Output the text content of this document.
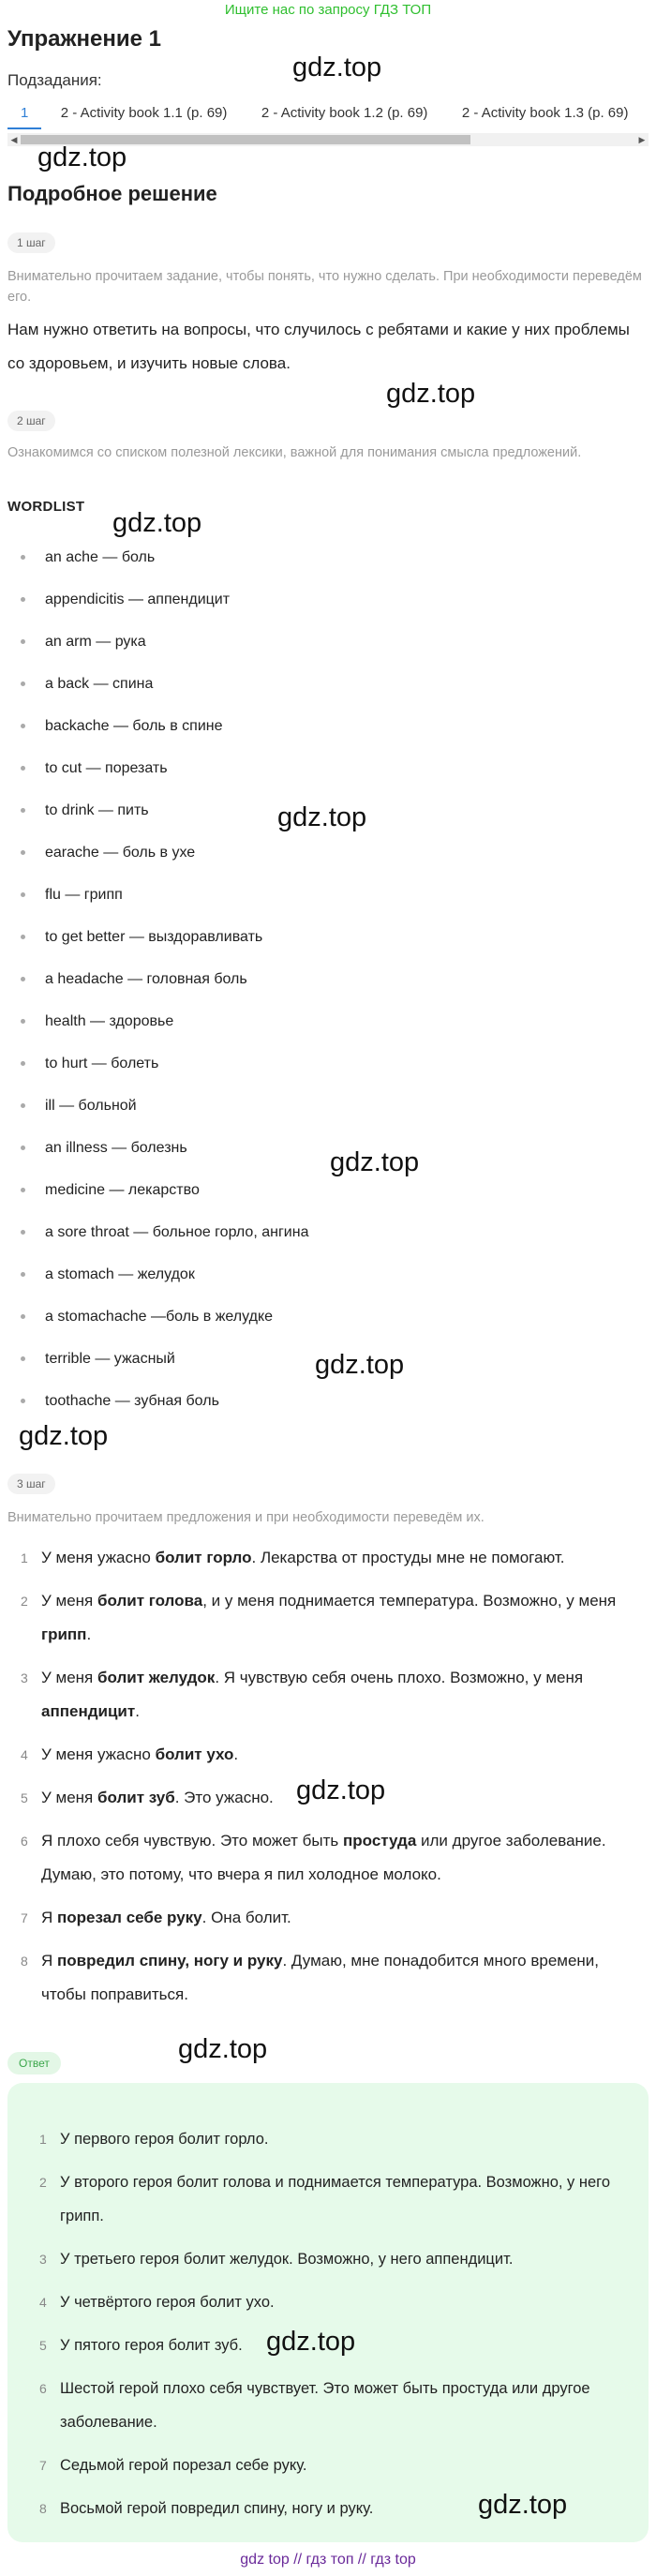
Ищите нас по запросу ГДЗ ТОП
Упражнение 1
Подзадания:
1 2 - Activity book 1.1 (p. 69) 2 - Activity book 1.2 (p. 69) 2 - Activity book 1.3 (p. 69)
◀	▶
Подробное решение
1 шаг
Внимательно прочитаем задание, чтобы понять, что нужно сделать. При необходимости переведём его.
Нам нужно ответить на вопросы, что случилось с ребятами и какие у них проблемы со здоровьем, и изучить новые слова.
2 шаг
Ознакомимся со списком полезной лексики, важной для понимания смысла предложений.
WORDLIST
an ache — боль
appendicitis — аппендицит
an arm — рука
a back — спина
backache — боль в спине
to cut — порезать
to drink — пить
earache — боль в ухе
flu — грипп
to get better — выздоравливать
a headache — головная боль
health — здоровье
to hurt — болеть
ill — больной
an illness — болезнь
medicine — лекарство
a sore throat — больное горло, ангина
a stomach — желудок
a stomachache —боль в желудке
terrible — ужасный
toothache — зубная боль
3 шаг
Внимательно прочитаем предложения и при необходимости переведём их.
1 У меня ужасно болит горло. Лекарства от простуды мне не помогают.
2 У меня болит голова, и у меня поднимается температура. Возможно, у меня грипп.
3 У меня болит желудок. Я чувствую себя очень плохо. Возможно, у меня аппендицит.
4 У меня ужасно болит ухо.
5 У меня болит зуб. Это ужасно.
6 Я плохо себя чувствую. Это может быть простуда или другое заболевание. Думаю, это потому, что вчера я пил холодное молоко.
7 Я порезал себе руку. Она болит.
8 Я повредил спину, ногу и руку. Думаю, мне понадобится много времени, чтобы поправиться.
Ответ
1 У первого героя болит горло.
2 У второго героя болит голова и поднимается температура. Возможно, у него грипп.
3 У третьего героя болит желудок. Возможно, у него аппендицит.
4 У четвёртого героя болит ухо.
5 У пятого героя болит зуб.
6 Шестой герой плохо себя чувствует. Это может быть простуда или другое заболевание.
7 Седьмой герой порезал себе руку.
8 Восьмой герой повредил спину, ногу и руку.
gdz top // гдз топ // гдз top
gdz.top
gdz.top
gdz.top
gdz.top
gdz.top
gdz.top
gdz.top
gdz.top
gdz.top
gdz.top
gdz.top
gdz.top
